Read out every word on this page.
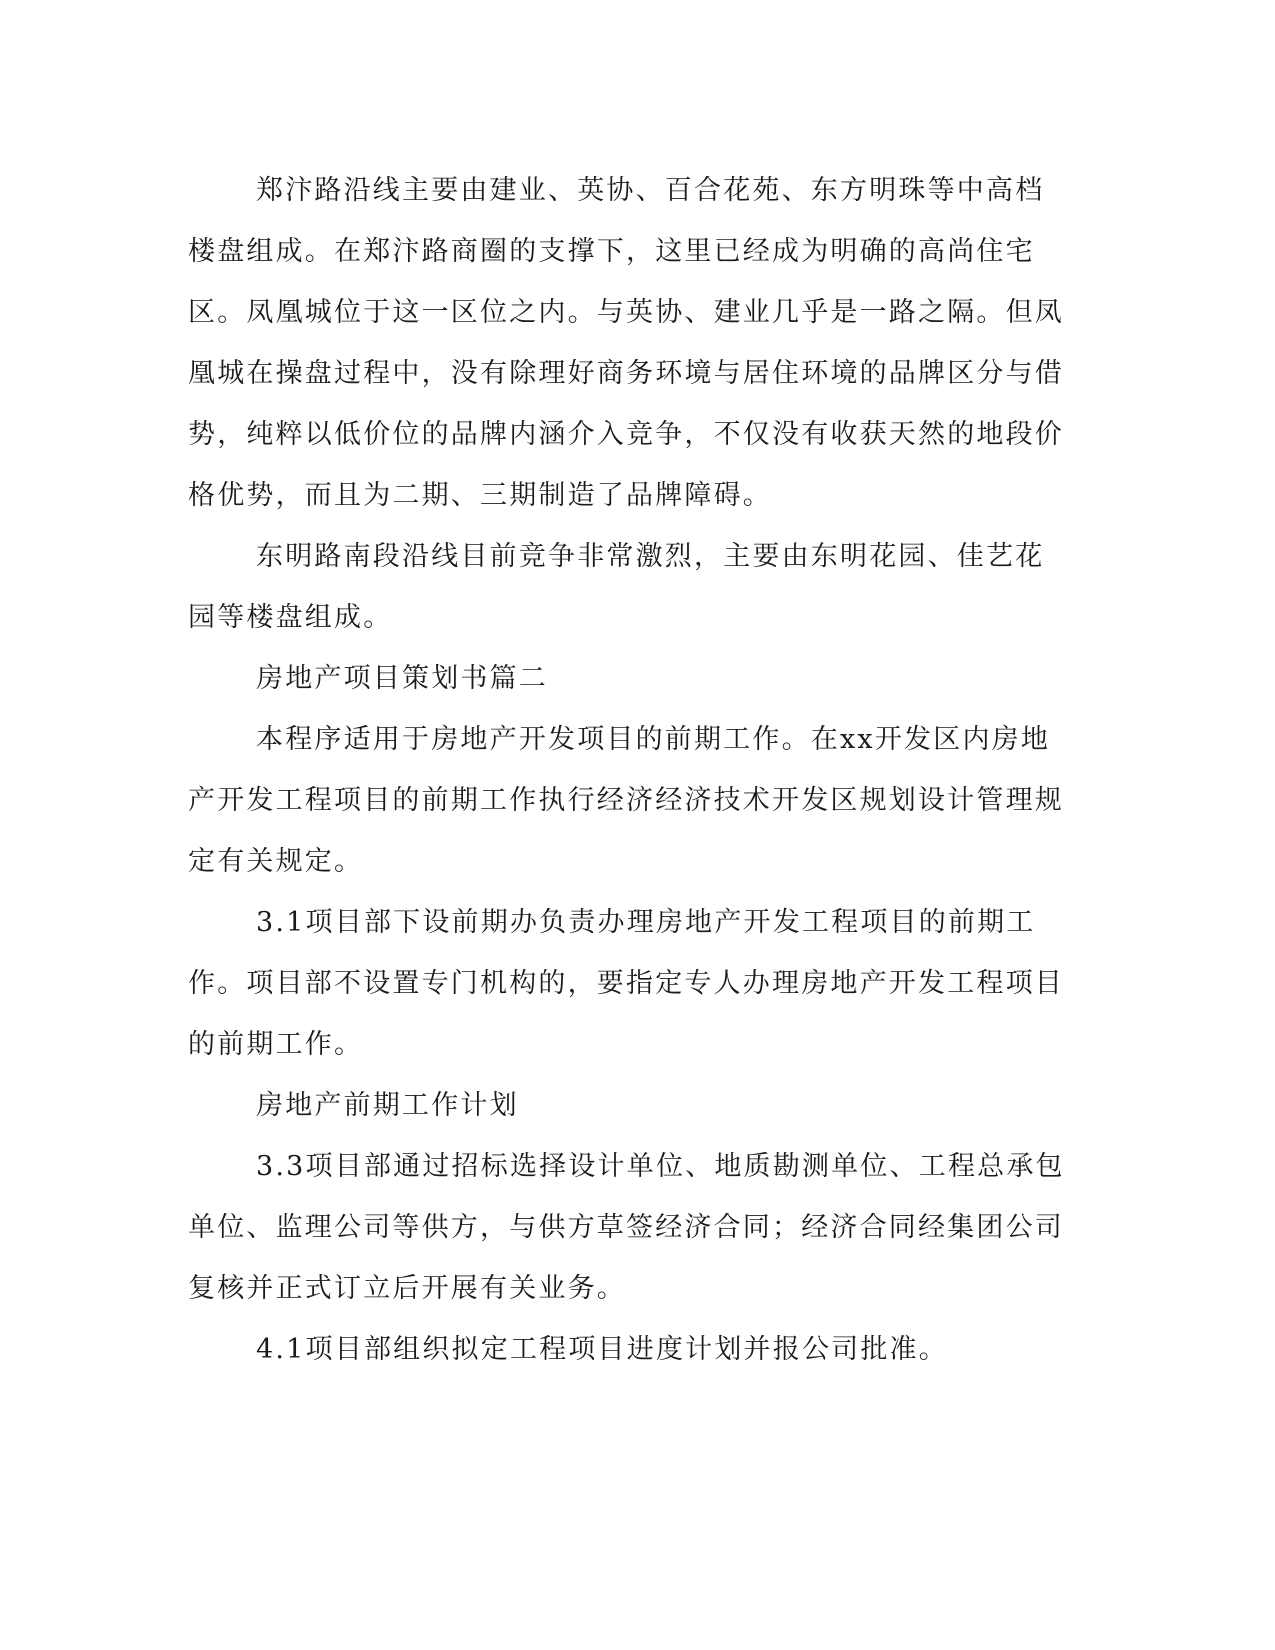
郑汴路沿线主要由建业、英协、百合花苑、东方明珠等中高档楼盘组成。在郑汴路商圈的支撑下，这里已经成为明确的高尚住宅区。凤凰城位于这一区位之内。与英协、建业几乎是一路之隔。但凤凰城在操盘过程中，没有除理好商务环境与居住环境的品牌区分与借势，纯粹以低价位的品牌内涵介入竞争，不仅没有收获天然的地段价格优势，而且为二期、三期制造了品牌障碍。

东明路南段沿线目前竞争非常激烈，主要由东明花园、佳艺花园等楼盘组成。

房地产项目策划书篇二

本程序适用于房地产开发项目的前期工作。在xx开发区内房地产开发工程项目的前期工作执行经济经济技术开发区规划设计管理规定有关规定。

3.1项目部下设前期办负责办理房地产开发工程项目的前期工作。项目部不设置专门机构的，要指定专人办理房地产开发工程项目的前期工作。

房地产前期工作计划

3.3项目部通过招标选择设计单位、地质勘测单位、工程总承包单位、监理公司等供方，与供方草签经济合同；经济合同经集团公司复核并正式订立后开展有关业务。

4.1项目部组织拟定工程项目进度计划并报公司批准。
